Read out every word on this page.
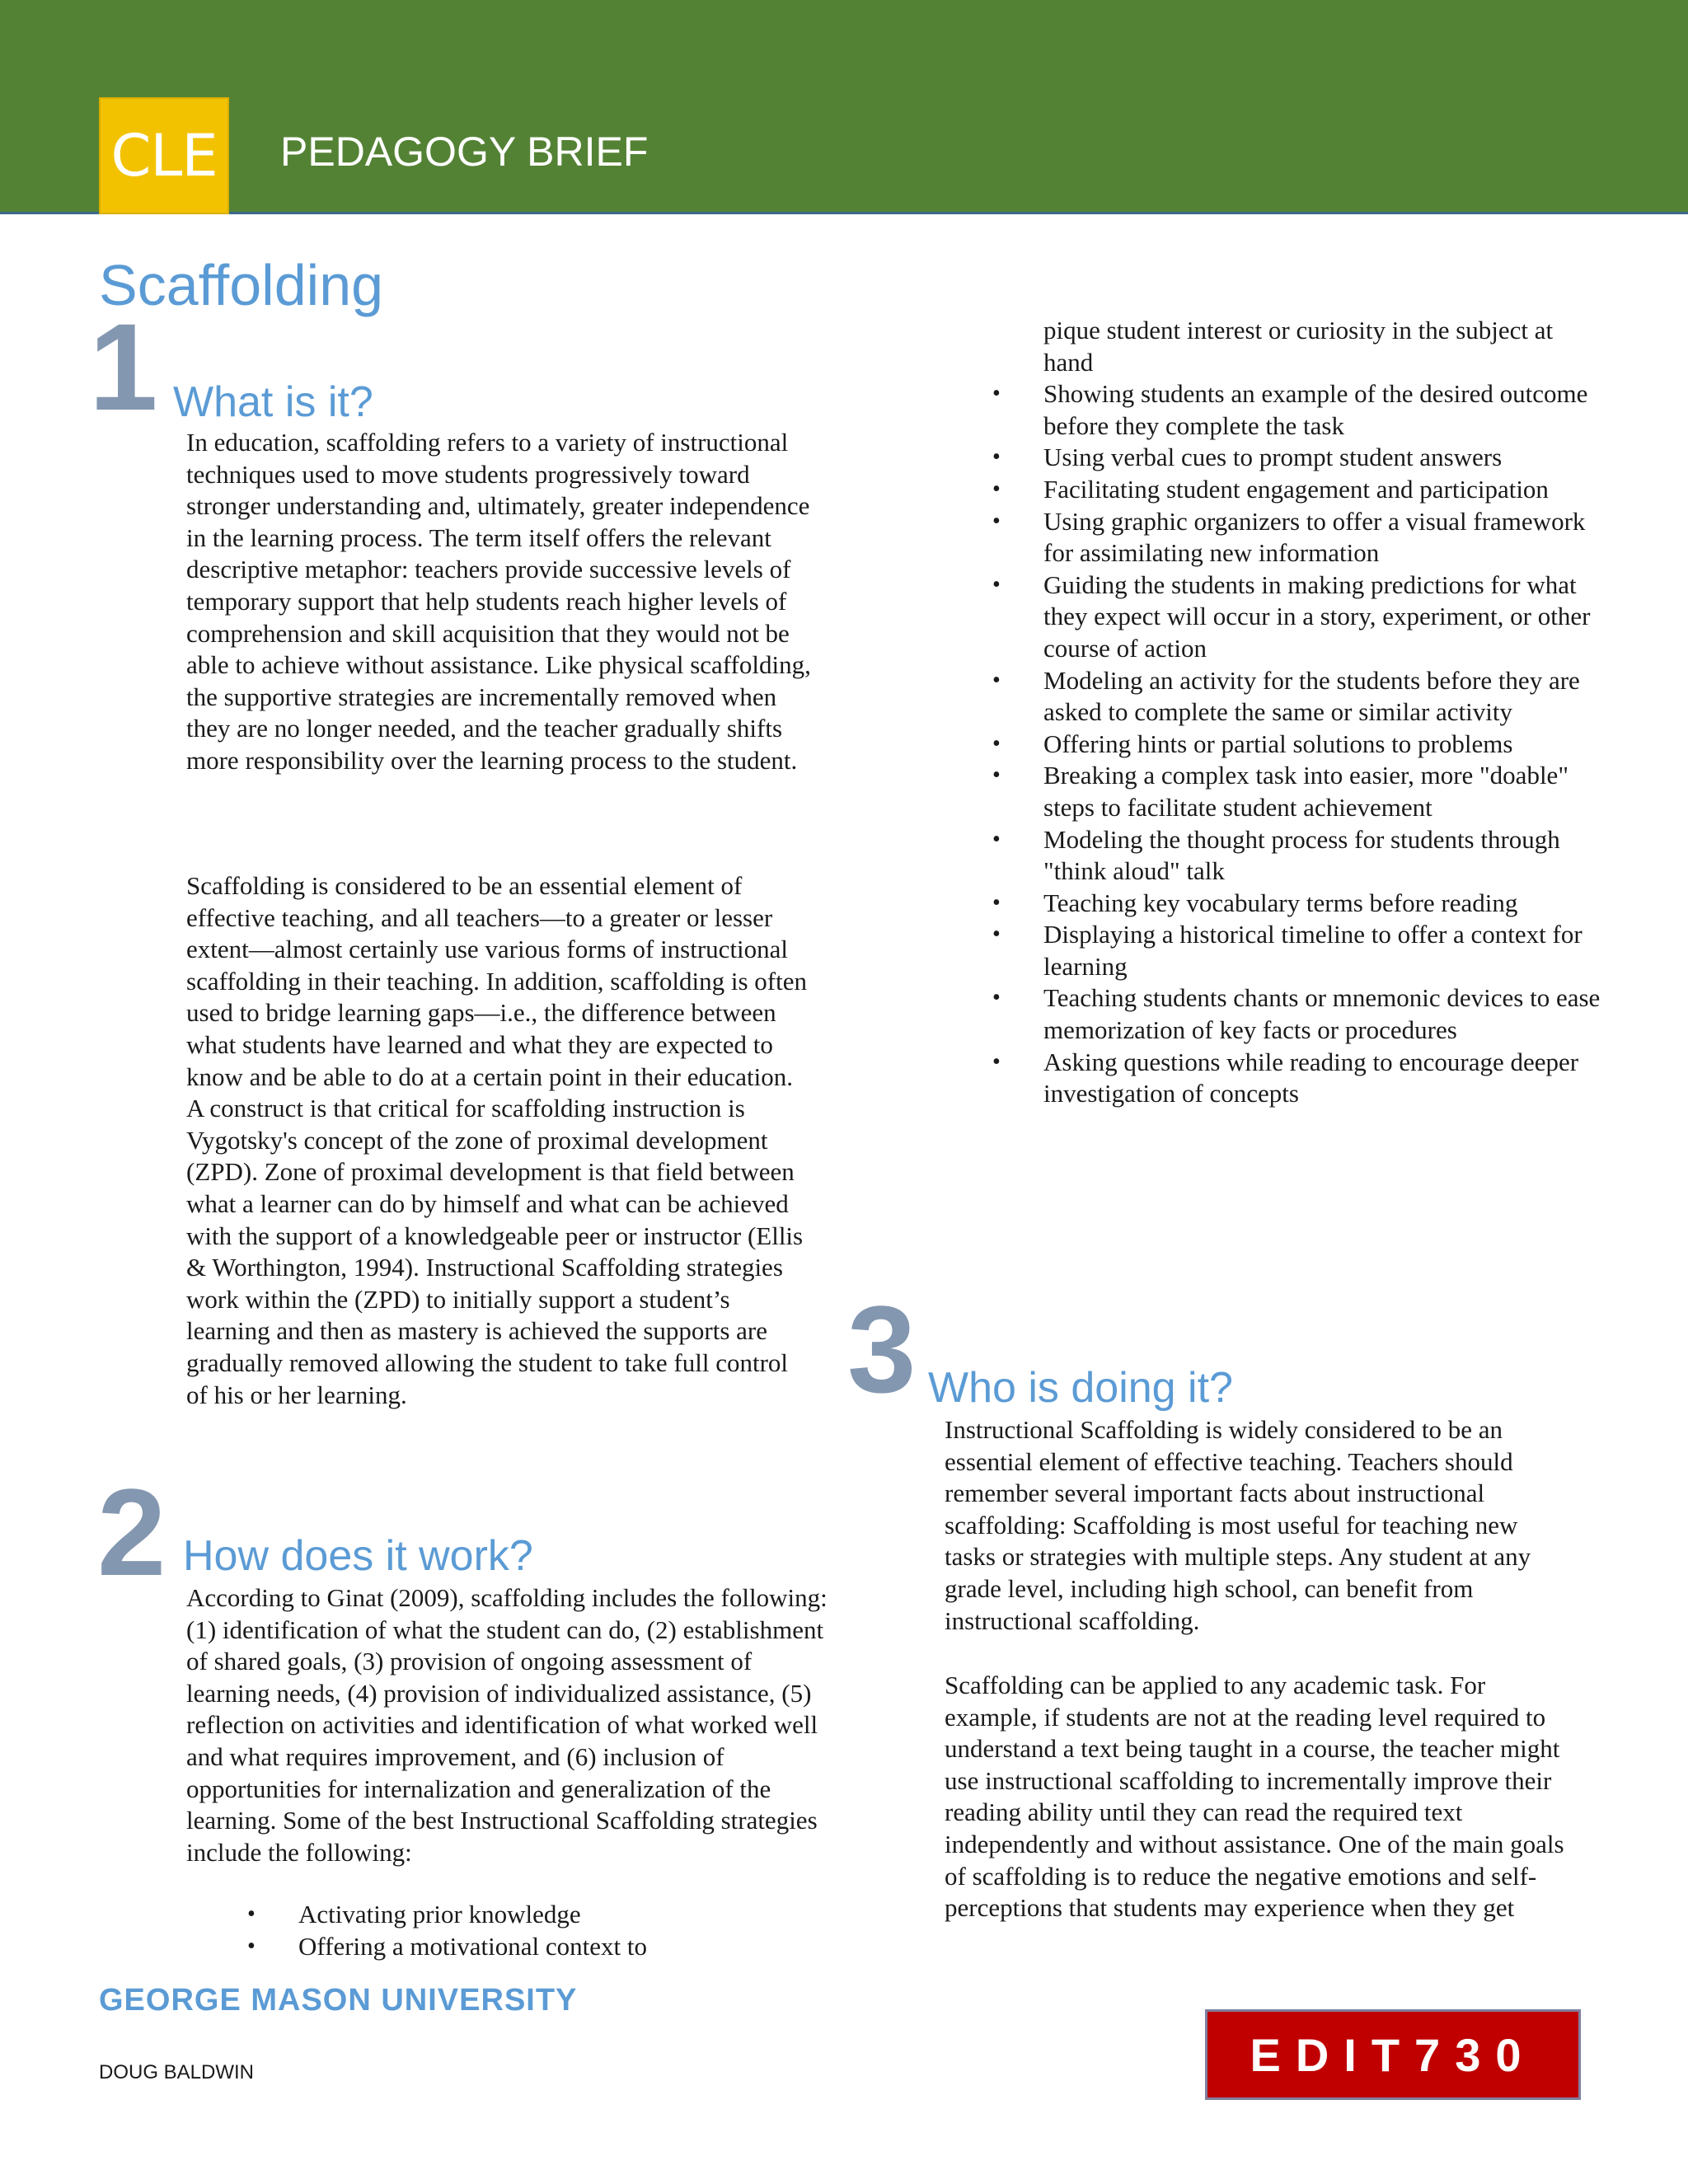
CLE PEDAGOGY BRIEF
Scaffolding
1 What is it?

In education, scaffolding refers to a variety of instructional techniques used to move students progressively toward stronger understanding and, ultimately, greater independence in the learning process. The term itself offers the relevant descriptive metaphor: teachers provide successive levels of temporary support that help students reach higher levels of comprehension and skill acquisition that they would not be able to achieve without assistance. Like physical scaffolding, the supportive strategies are incrementally removed when they are no longer needed, and the teacher gradually shifts more responsibility over the learning process to the student.

Scaffolding is considered to be an essential element of effective teaching, and all teachers—to a greater or lesser extent—almost certainly use various forms of instructional scaffolding in their teaching. In addition, scaffolding is often used to bridge learning gaps—i.e., the difference between what students have learned and what they are expected to know and be able to do at a certain point in their education. A construct is that critical for scaffolding instruction is Vygotsky's concept of the zone of proximal development (ZPD). Zone of proximal development is that field between what a learner can do by himself and what can be achieved with the support of a knowledgeable peer or instructor (Ellis & Worthington, 1994). Instructional Scaffolding strategies work within the (ZPD) to initially support a student’s learning and then as mastery is achieved the supports are gradually removed allowing the student to take full control of his or her learning.

2 How does it work?

According to Ginat (2009), scaffolding includes the following: (1) identification of what the student can do, (2) establishment of shared goals, (3) provision of ongoing assessment of learning needs, (4) provision of individualized assistance, (5) reflection on activities and identification of what worked well and what requires improvement, and (6) inclusion of opportunities for internalization and generalization of the learning. Some of the best Instructional Scaffolding strategies include the following:

• Activating prior knowledge
• Offering a motivational context to
pique student interest or curiosity in the subject at hand
• Showing students an example of the desired outcome before they complete the task
• Using verbal cues to prompt student answers
• Facilitating student engagement and participation
• Using graphic organizers to offer a visual framework for assimilating new information
• Guiding the students in making predictions for what they expect will occur in a story, experiment, or other course of action
• Modeling an activity for the students before they are asked to complete the same or similar activity
• Offering hints or partial solutions to problems
• Breaking a complex task into easier, more "doable" steps to facilitate student achievement
• Modeling the thought process for students through "think aloud" talk
• Teaching key vocabulary terms before reading
• Displaying a historical timeline to offer a context for learning
• Teaching students chants or mnemonic devices to ease memorization of key facts or procedures
• Asking questions while reading to encourage deeper investigation of concepts
3 Who is doing it?

Instructional Scaffolding is widely considered to be an essential element of effective teaching. Teachers should remember several important facts about instructional scaffolding: Scaffolding is most useful for teaching new tasks or strategies with multiple steps. Any student at any grade level, including high school, can benefit from instructional scaffolding.

Scaffolding can be applied to any academic task. For example, if students are not at the reading level required to understand a text being taught in a course, the teacher might use instructional scaffolding to incrementally improve their reading ability until they can read the required text independently and without assistance. One of the main goals of scaffolding is to reduce the negative emotions and self-perceptions that students may experience when they get

GEORGE MASON UNIVERSITY
DOUG BALDWIN	EDIT730
